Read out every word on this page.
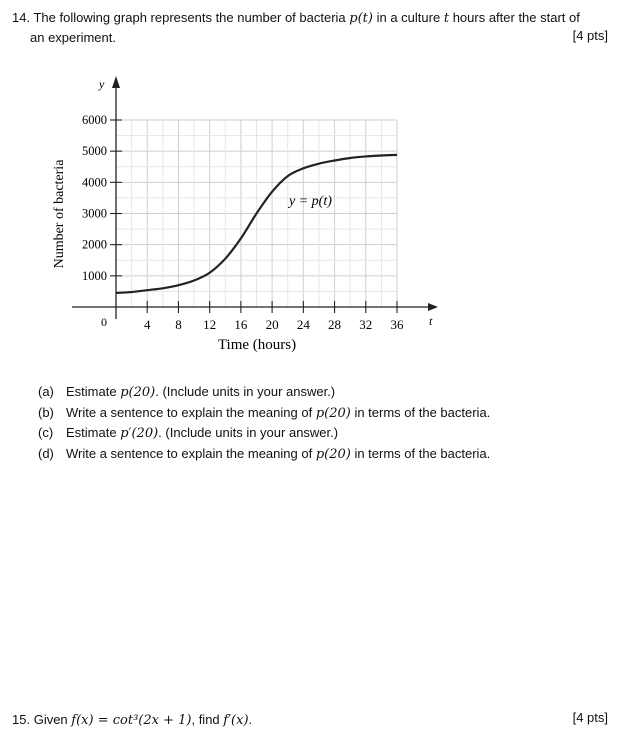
14. The following graph represents the number of bacteria p(t) in a culture t hours after the start of
an experiment.	[4 pts]
4 8 12 16 20 24 28 32 36
1000
2000
3000
4000
5000
6000
Number of bacteria
Time (hours)
y
t
0
y = p(t)
(a) Estimate p(20). (Include units in your answer.)
(b) Write a sentence to explain the meaning of p(20) in terms of the bacteria.
(c) Estimate p′(20). (Include units in your answer.)
(d) Write a sentence to explain the meaning of p(20) in terms of the bacteria.
15. Given f(x) = cot³(2x + 1), find f′(x).	[4 pts]
